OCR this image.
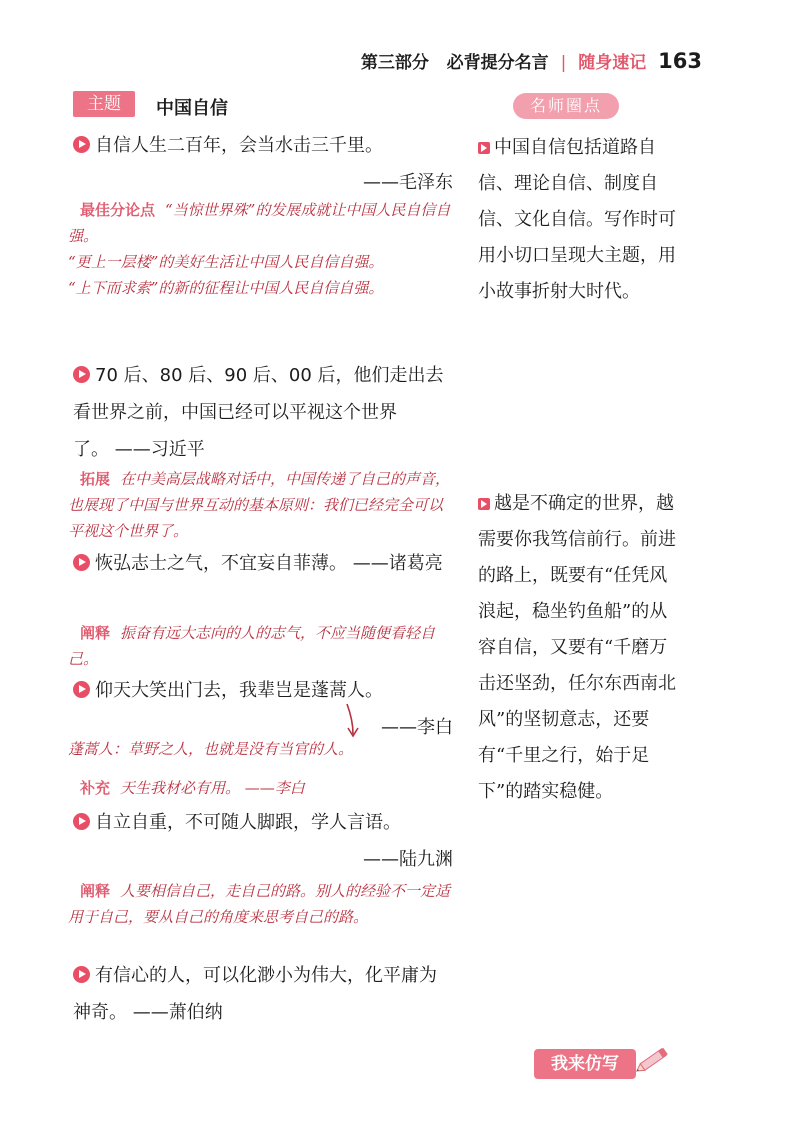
第三部分 必背提分名言 | 随身速记 163
主题	中国自信	名师圈点
自信人生二百年，会当水击三千里。
——毛泽东
最佳分论点 “当惊世界殊”的发展成就让中国人民自信自强。
“更上一层楼”的美好生活让中国人民自信自强。
“上下而求索”的新的征程让中国人民自信自强。
70 后、80 后、90 后、00 后，他们走出去看世界之前，中国已经可以平视这个世界了。 ——习近平
拓展 在中美高层战略对话中，中国传递了自己的声音，也展现了中国与世界互动的基本原则：我们已经完全可以平视这个世界了。
恢弘志士之气，不宜妄自菲薄。 ——诸葛亮
阐释 振奋有远大志向的人的志气，不应当随便看轻自己。
仰天大笑出门去，我辈岂是蓬蒿人。
——李白
蓬蒿人：草野之人，也就是没有当官的人。
补充 天生我材必有用。 ——李白
自立自重，不可随人脚跟，学人言语。
——陆九渊
阐释 人要相信自己，走自己的路。别人的经验不一定适用于自己，要从自己的角度来思考自己的路。
有信心的人，可以化渺小为伟大，化平庸为神奇。 ——萧伯纳
中国自信包括道路自信、理论自信、制度自信、文化自信。写作时可用小切口呈现大主题，用小故事折射大时代。
越是不确定的世界，越需要你我笃信前行。前进的路上，既要有“任凭风浪起，稳坐钓鱼船”的从容自信，又要有“千磨万击还坚劲，任尔东西南北风”的坚韧意志，还要有“千里之行，始于足下”的踏实稳健。
我来仿写
